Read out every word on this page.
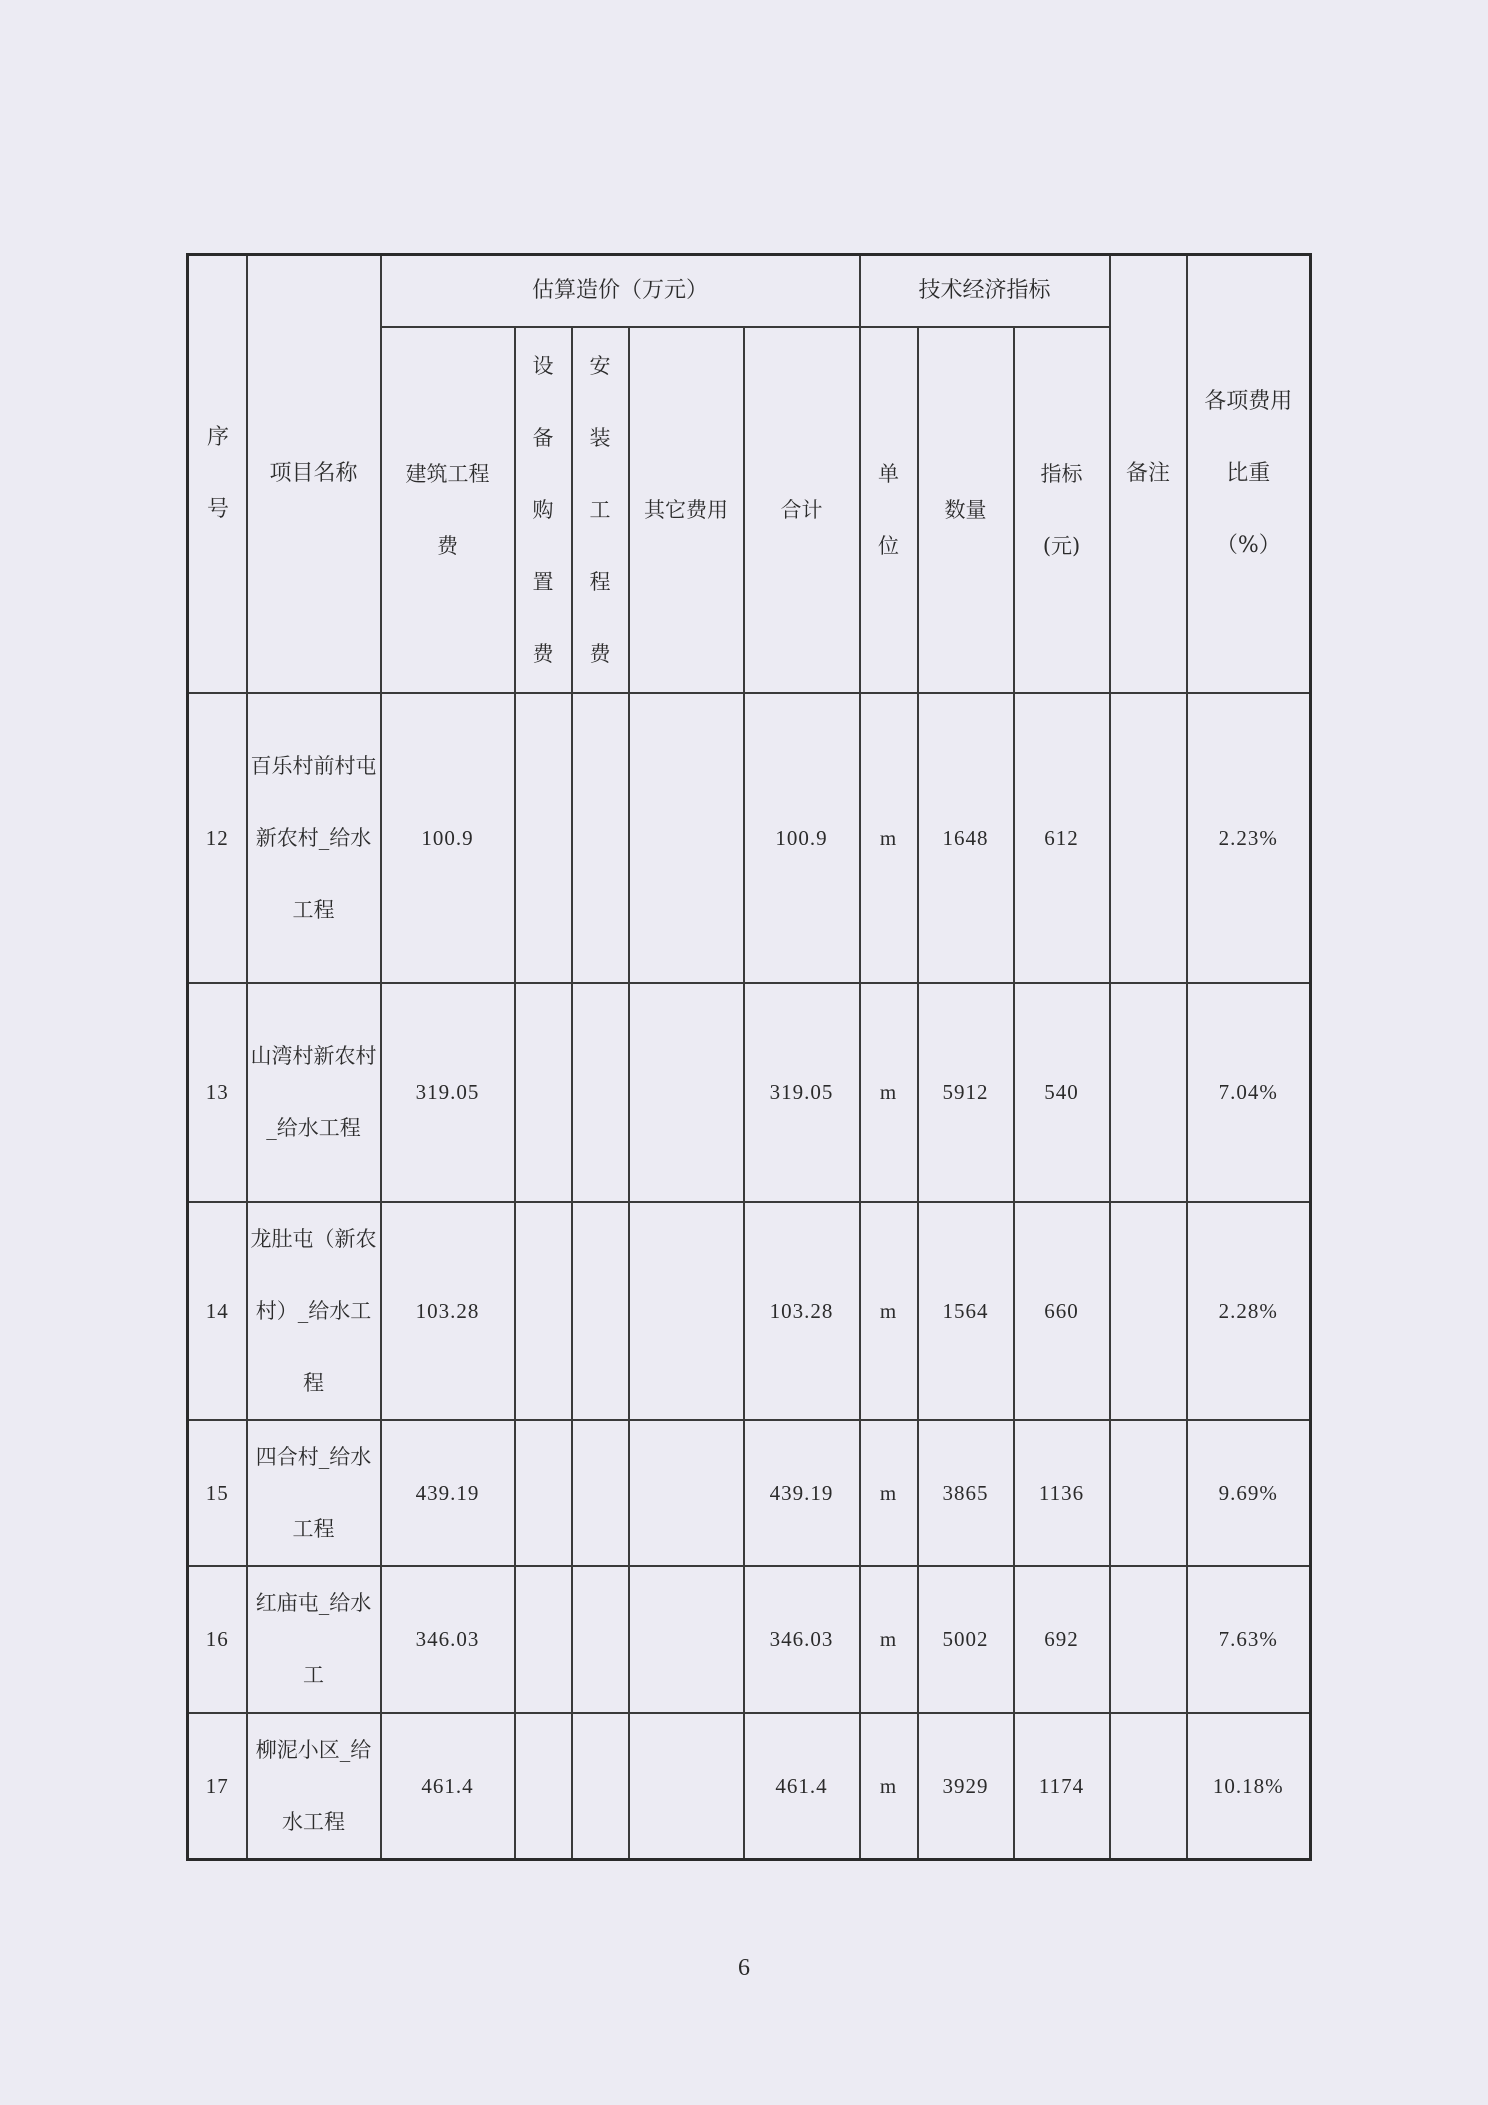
序号	项目名称	估算造价（万元）					技术经济指标			备注	各项费用比重（%）
		建筑工程费	设备购置费	安装工程费	其它费用	合计	单位	数量	指标(元)		
12	百乐村前村屯新农村_给水工程	100.9				100.9	m	1648	612		2.23%
13	山湾村新农村_给水工程	319.05				319.05	m	5912	540		7.04%
14	龙肚屯（新农村）_给水工程	103.28				103.28	m	1564	660		2.28%
15	四合村_给水工程	439.19				439.19	m	3865	1136		9.69%
16	红庙屯_给水工	346.03				346.03	m	5002	692		7.63%
17	柳泥小区_给水工程	461.4				461.4	m	3929	1174		10.18%
6
